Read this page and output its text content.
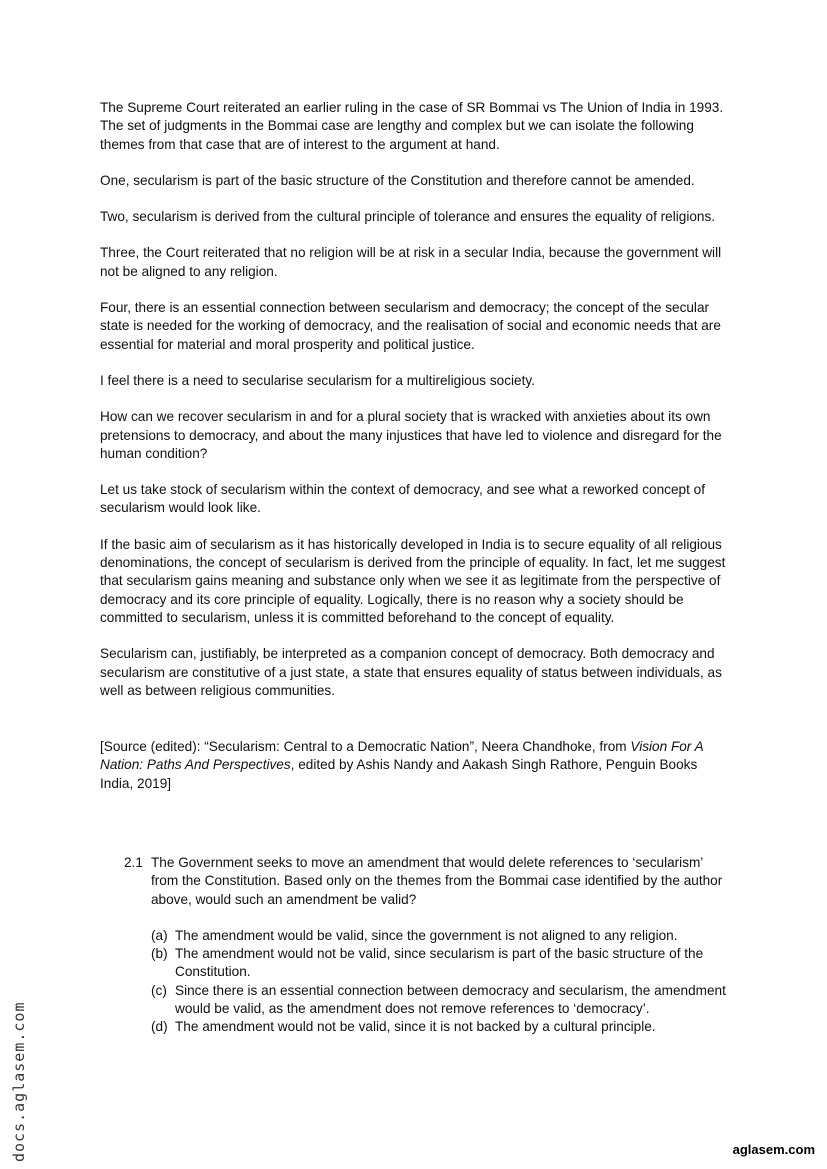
The Supreme Court reiterated an earlier ruling in the case of SR Bommai vs The Union of India in 1993. The set of judgments in the Bommai case are lengthy and complex but we can isolate the following themes from that case that are of interest to the argument at hand.

One, secularism is part of the basic structure of the Constitution and therefore cannot be amended.

Two, secularism is derived from the cultural principle of tolerance and ensures the equality of religions.

Three, the Court reiterated that no religion will be at risk in a secular India, because the government will not be aligned to any religion.

Four, there is an essential connection between secularism and democracy; the concept of the secular state is needed for the working of democracy, and the realisation of social and economic needs that are essential for material and moral prosperity and political justice.

I feel there is a need to secularise secularism for a multireligious society.

How can we recover secularism in and for a plural society that is wracked with anxieties about its own pretensions to democracy, and about the many injustices that have led to violence and disregard for the human condition?

Let us take stock of secularism within the context of democracy, and see what a reworked concept of secularism would look like.

If the basic aim of secularism as it has historically developed in India is to secure equality of all religious denominations, the concept of secularism is derived from the principle of equality. In fact, let me suggest that secularism gains meaning and substance only when we see it as legitimate from the perspective of democracy and its core principle of equality. Logically, there is no reason why a society should be committed to secularism, unless it is committed beforehand to the concept of equality.

Secularism can, justifiably, be interpreted as a companion concept of democracy. Both democracy and secularism are constitutive of a just state, a state that ensures equality of status between individuals, as well as between religious communities.

[Source (edited): “Secularism: Central to a Democratic Nation”, Neera Chandhoke, from Vision For A Nation: Paths And Perspectives, edited by Ashis Nandy and Aakash Singh Rathore, Penguin Books India, 2019]

2.1 The Government seeks to move an amendment that would delete references to ‘secularism’ from the Constitution. Based only on the themes from the Bommai case identified by the author above, would such an amendment be valid?
(a) The amendment would be valid, since the government is not aligned to any religion.
(b) The amendment would not be valid, since secularism is part of the basic structure of the Constitution.
(c) Since there is an essential connection between democracy and secularism, the amendment would be valid, as the amendment does not remove references to ‘democracy’.
(d) The amendment would not be valid, since it is not backed by a cultural principle.
docs.aglasem.com	aglasem.com
